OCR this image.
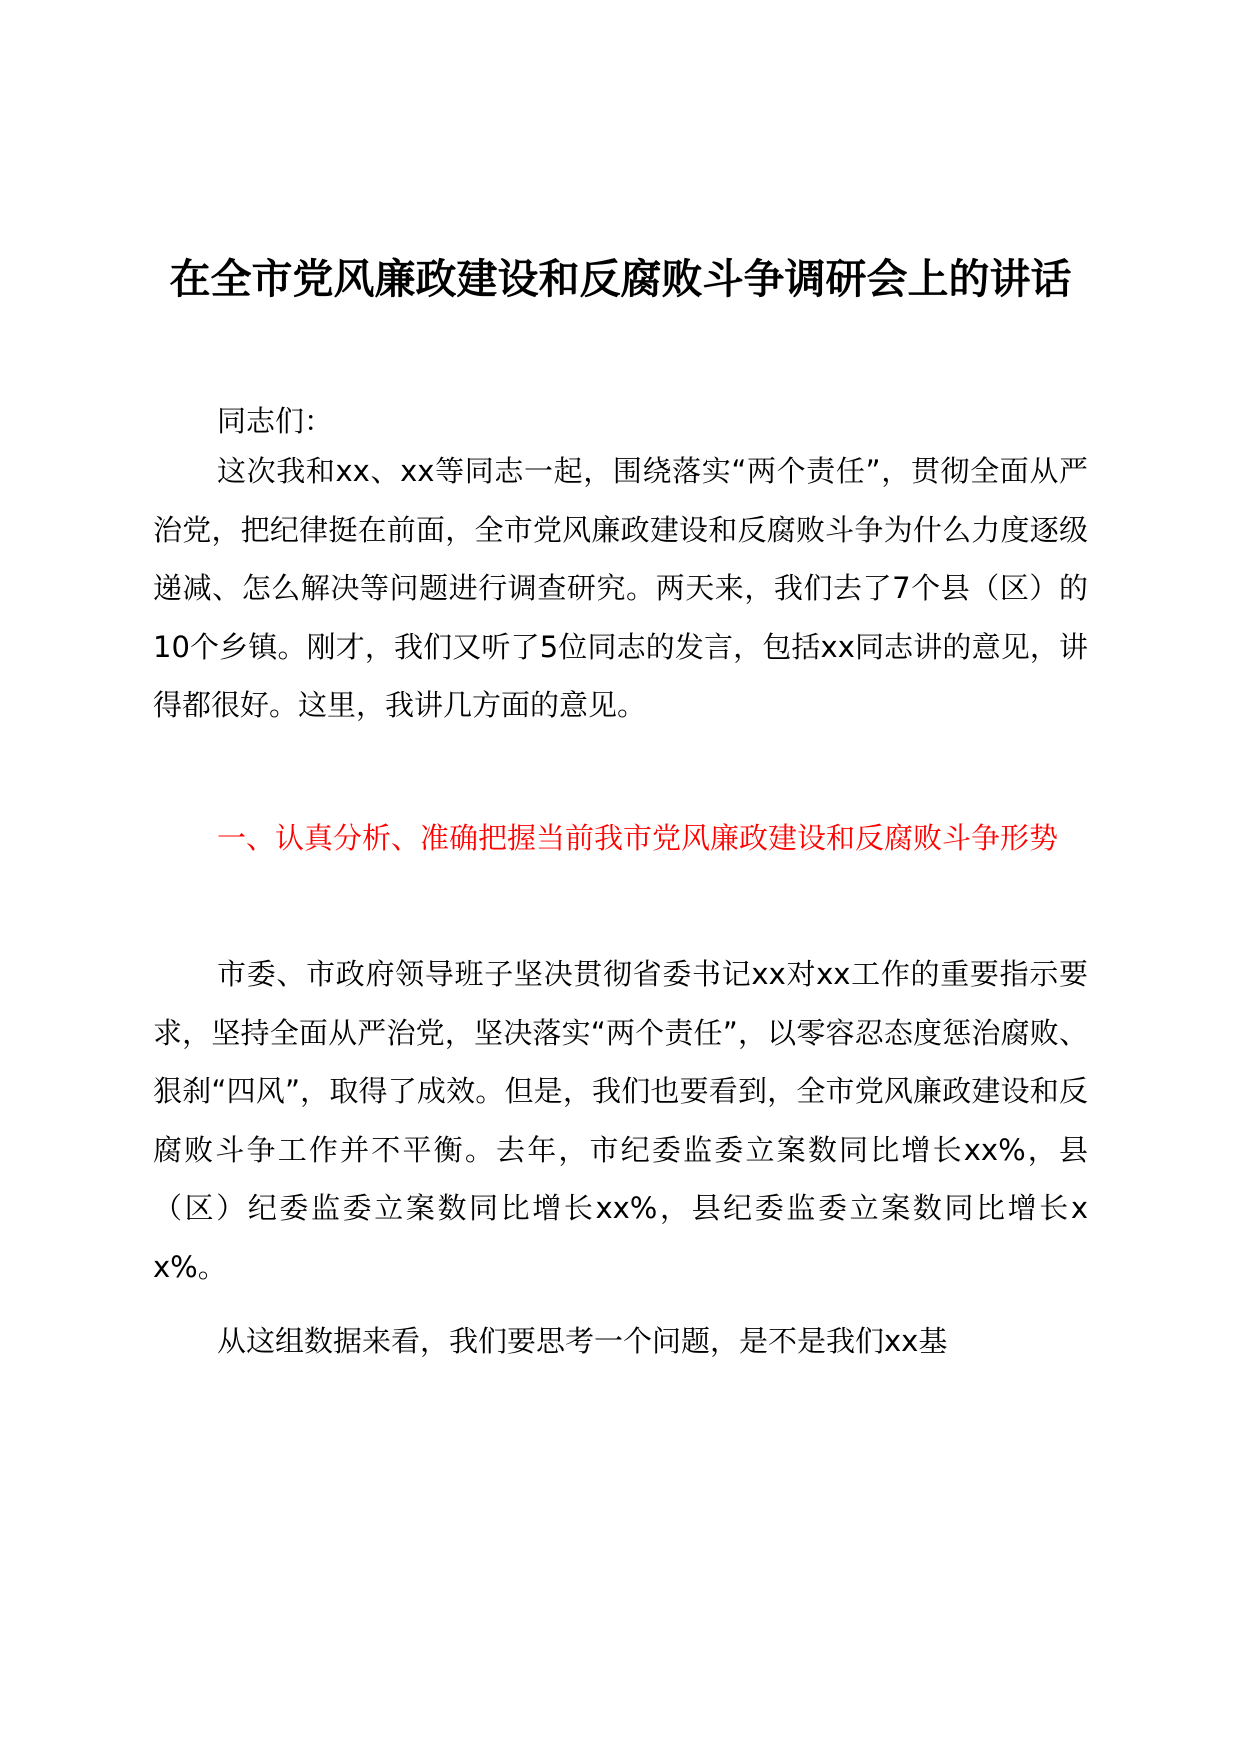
在全市党风廉政建设和反腐败斗争调研会上的讲话
同志们：
这次我和xx、xx等同志一起，围绕落实“两个责任”，贯彻全面从严治党，把纪律挺在前面，全市党风廉政建设和反腐败斗争为什么力度逐级递减、怎么解决等问题进行调查研究。两天来，我们去了7个县（区）的10个乡镇。刚才，我们又听了5位同志的发言，包括xx同志讲的意见，讲得都很好。这里，我讲几方面的意见。
一、认真分析、准确把握当前我市党风廉政建设和反腐败斗争形势
市委、市政府领导班子坚决贯彻省委书记xx对xx工作的重要指示要求，坚持全面从严治党，坚决落实“两个责任”，以零容忍态度惩治腐败、狠刹“四风”，取得了成效。但是，我们也要看到，全市党风廉政建设和反腐败斗争工作并不平衡。去年，市纪委监委立案数同比增长xx%，县（区）纪委监委立案数同比增长xx%，县纪委监委立案数同比增长xx%。
从这组数据来看，我们要思考一个问题，是不是我们xx基
